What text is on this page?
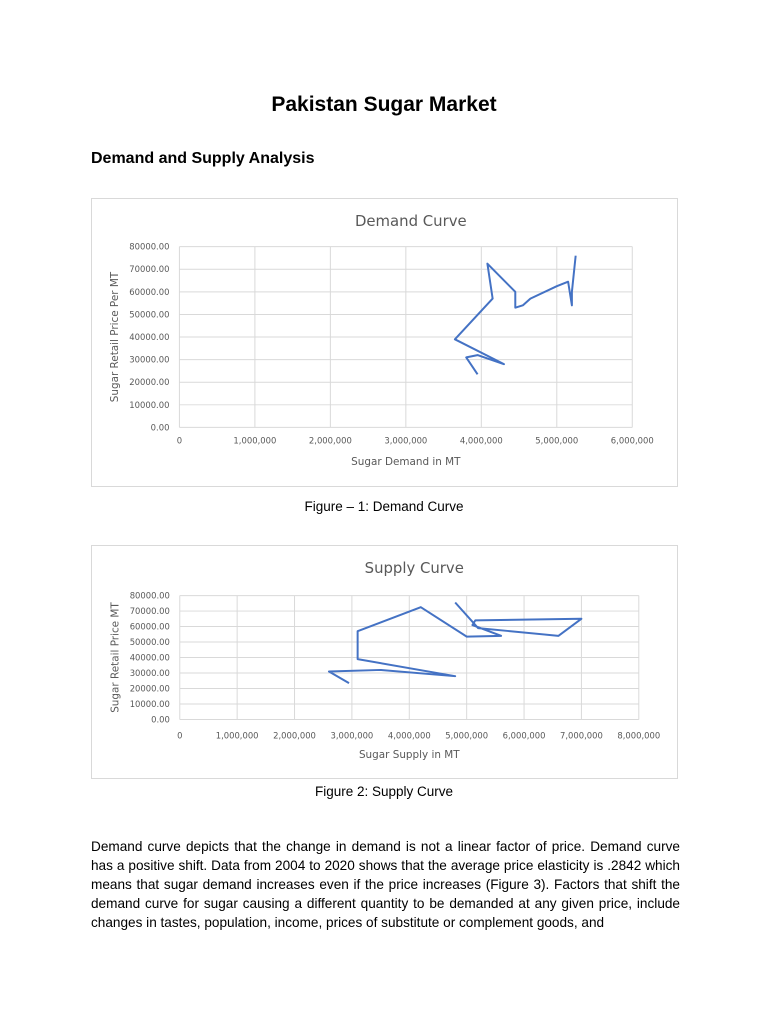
Pakistan Sugar Market
Demand and Supply Analysis
Demand Curve
0.00
10000.00
20000.00
30000.00
40000.00
50000.00
60000.00
70000.00
80000.00
0	1,000,000	2,000,000	3,000,000	4,000,000	5,000,000	6,000,000
Sugar Demand in MT
Sugar Retail Price Per MT

Figure – 1: Demand Curve

Supply Curve
0.00
10000.00
20000.00
30000.00
40000.00
50000.00
60000.00
70000.00
80000.00
0	1,000,000 2,000,000 3,000,000 4,000,000 5,000,000 6,000,000 7,000,000 8,000,000
Sugar Supply in MT
Sugar Retail Price MT

Figure 2: Supply Curve

Demand curve depicts that the change in demand is not a linear factor of price. Demand curve has a positive shift. Data from 2004 to 2020 shows that the average price elasticity is .2842 which means that sugar demand increases even if the price increases (Figure 3). Factors that shift the demand curve for sugar causing a different quantity to be demanded at any given price, include changes in tastes, population, income, prices of substitute or complement goods, and
